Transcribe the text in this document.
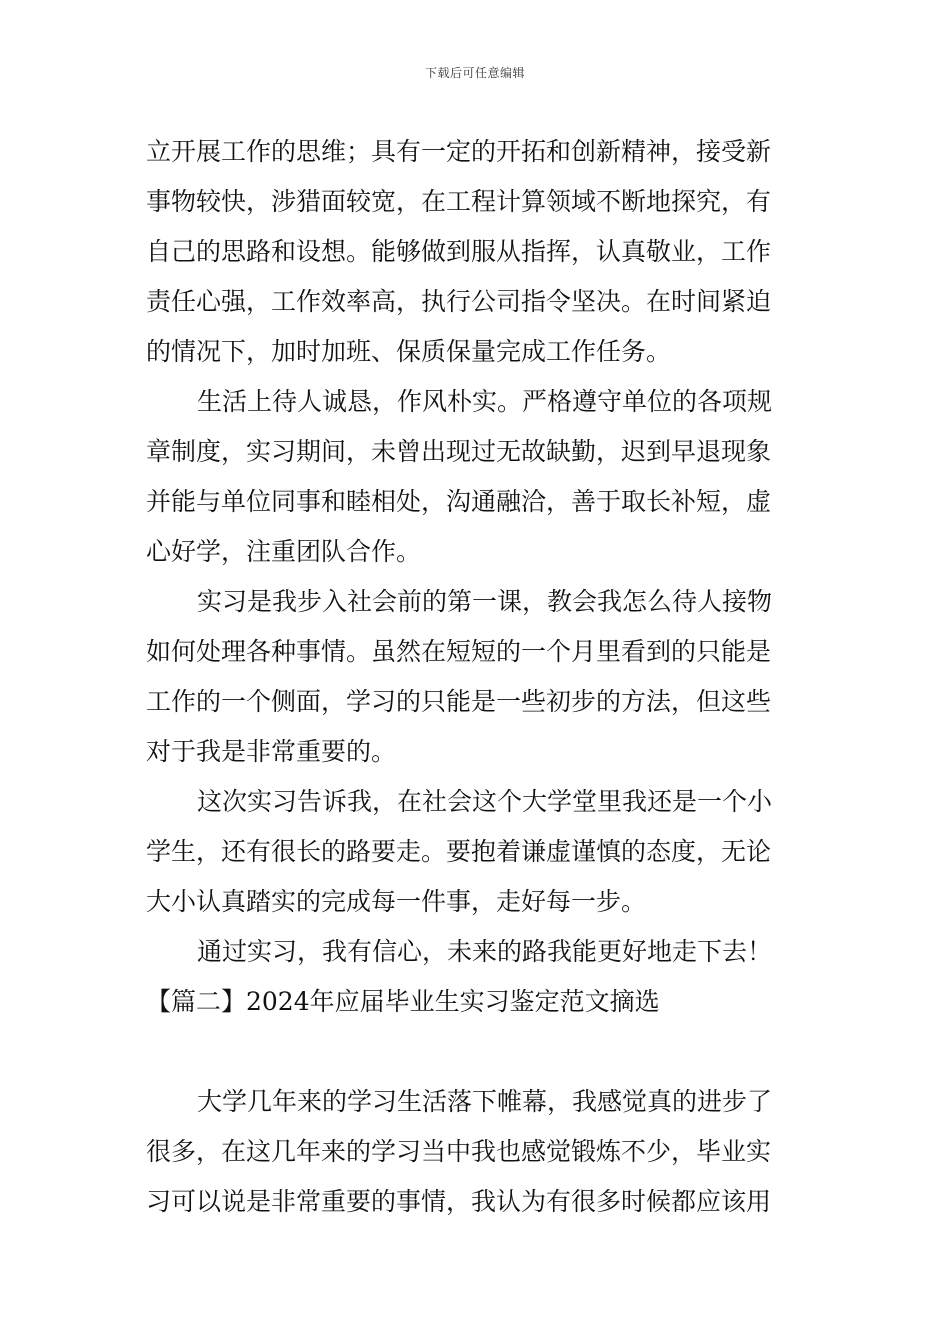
下载后可任意编辑
立开展工作的思维；具有一定的开拓和创新精神，接受新
事物较快，涉猎面较宽，在工程计算领域不断地探究，有
自己的思路和设想。能够做到服从指挥，认真敬业，工作
责任心强，工作效率高，执行公司指令坚决。在时间紧迫
的情况下，加时加班、保质保量完成工作任务。
生活上待人诚恳，作风朴实。严格遵守单位的各项规
章制度，实习期间，未曾出现过无故缺勤，迟到早退现象
并能与单位同事和睦相处，沟通融洽，善于取长补短，虚
心好学，注重团队合作。
实习是我步入社会前的第一课，教会我怎么待人接物
如何处理各种事情。虽然在短短的一个月里看到的只能是
工作的一个侧面，学习的只能是一些初步的方法，但这些
对于我是非常重要的。
这次实习告诉我，在社会这个大学堂里我还是一个小
学生，还有很长的路要走。要抱着谦虚谨慎的态度，无论
大小认真踏实的完成每一件事，走好每一步。
通过实习，我有信心，未来的路我能更好地走下去！
【篇二】2024年应届毕业生实习鉴定范文摘选
大学几年来的学习生活落下帷幕，我感觉真的进步了
很多，在这几年来的学习当中我也感觉锻炼不少，毕业实
习可以说是非常重要的事情，我认为有很多时候都应该用
